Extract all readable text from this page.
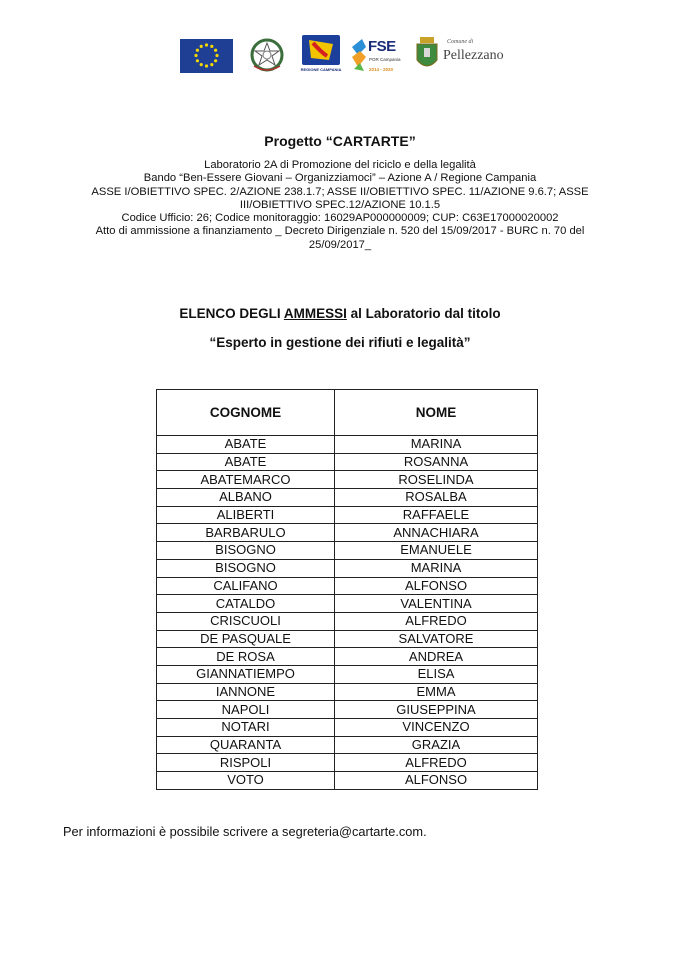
REGIONE CAMPANIA
FSE
POR Campania
2014 - 2020
Comune di
Pellezzano
Progetto “CARTARTE”
Laboratorio 2A di Promozione del riciclo e della legalità
Bando “Ben-Essere Giovani – Organizziamoci” – Azione A / Regione Campania
ASSE I/OBIETTIVO SPEC. 2/AZIONE 238.1.7; ASSE II/OBIETTIVO SPEC. 11/AZIONE 9.6.7; ASSE
III/OBIETTIVO SPEC.12/AZIONE 10.1.5
Codice Ufficio: 26; Codice monitoraggio: 16029AP000000009; CUP: C63E17000020002
Atto di ammissione a finanziamento _ Decreto Dirigenziale n. 520 del 15/09/2017 - BURC n. 70 del
25/09/2017_
ELENCO DEGLI AMMESSI al Laboratorio dal titolo
“Esperto in gestione dei rifiuti e legalità”
COGNOME	NOME
ABATE	MARINA
ABATE	ROSANNA
ABATEMARCO	ROSELINDA
ALBANO	ROSALBA
ALIBERTI	RAFFAELE
BARBARULO	ANNACHIARA
BISOGNO	EMANUELE
BISOGNO	MARINA
CALIFANO	ALFONSO
CATALDO	VALENTINA
CRISCUOLI	ALFREDO
DE PASQUALE	SALVATORE
DE ROSA	ANDREA
GIANNATIEMPO	ELISA
IANNONE	EMMA
NAPOLI	GIUSEPPINA
NOTARI	VINCENZO
QUARANTA	GRAZIA
RISPOLI	ALFREDO
VOTO	ALFONSO
Per informazioni è possibile scrivere a segreteria@cartarte.com.
